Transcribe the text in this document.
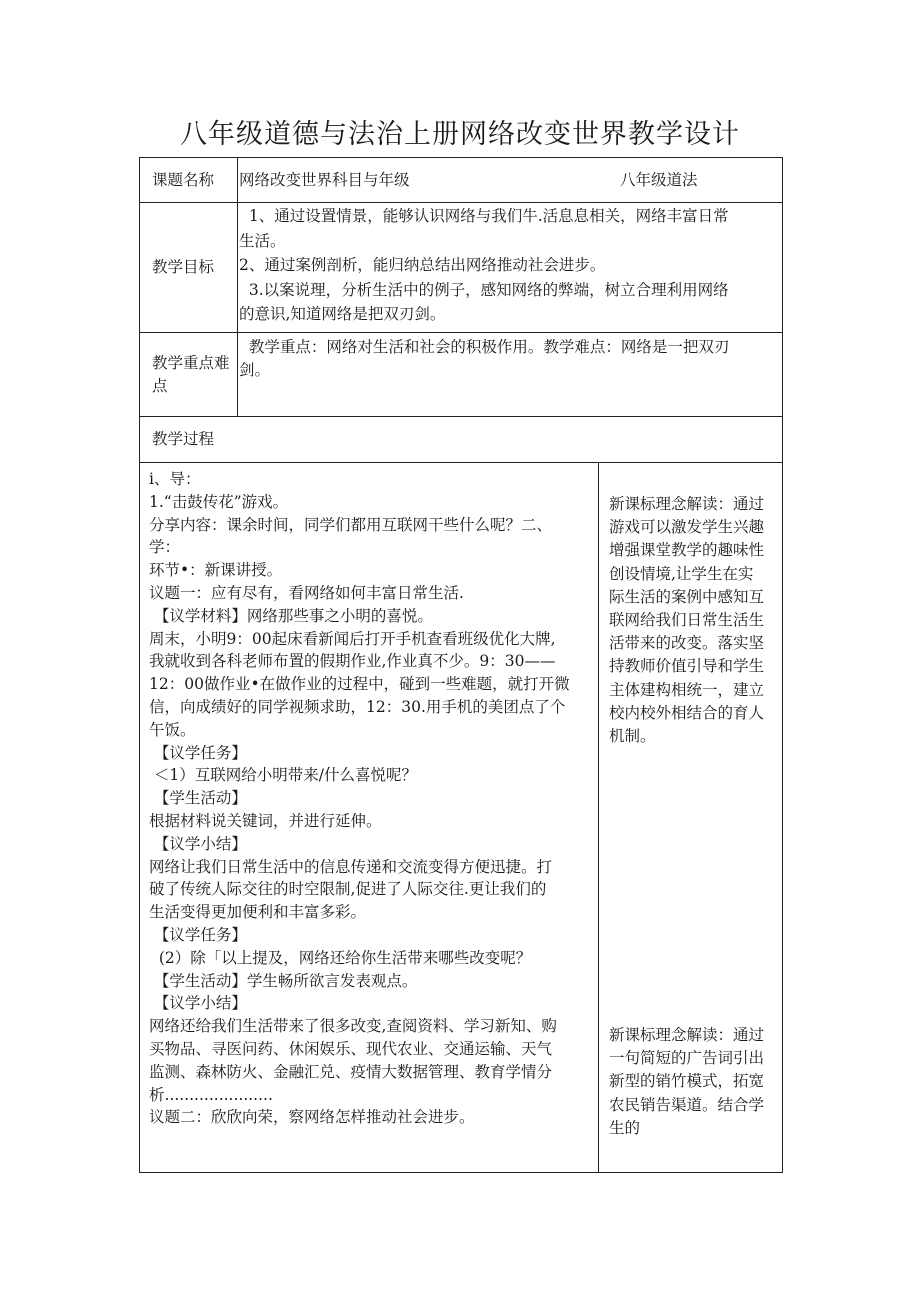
八年级道德与法治上册网络改变世界教学设计
课题名称 网络改变世界科目与年级	八年级道法
教学目标
1、通过设置情景，能够认识网络与我们牛.活息息相关，网络丰富日常
生活。
2、通过案例剖析，能归纳总结出网络推动社会进步。
3.以案说理，分析生活中的例子，感知网络的弊端，树立合理利用网络
的意识,知道网络是把双刃剑。
教学重点难
点
教学重点：网络对生活和社会的积极作用。教学难点：网络是一把双刃
剑。
教学过程
i、导：
1.“击鼓传花”游戏。
分享内容：课余时间，同学们都用互联网干些什么呢？二、
学：
环节•：新课讲授。
议题一：应有尽有，看网络如何丰富日常生活.
【议学材料】网络那些事之小明的喜悦。
周末，小明9：00起床看新闻后打开手机查看班级优化大牌,
我就收到各科老师布置的假期作业,作业真不少。9：30——
12：00做作业•在做作业的过程中，碰到一些难题，就打开微
信，向成绩好的同学视频求助，12：30.用手机的美团点了个
午饭。
【议学任务】
＜1）互联网给小明带来/什么喜悦呢？
【学生活动】
根据材料说关键词，并进行延伸。
【议学小结】
网络让我们日常生活中的信息传递和交流变得方便迅捷。打
破了传统人际交往的时空限制,促进了人际交往.更让我们的
生活变得更加便利和丰富多彩。
【议学任务】
(2）除「以上提及，网络还给你生活带来哪些改变呢？
【学生活动】学生畅所欲言发表观点。
【议学小结】
网络还给我们生活带来了很多改变,查阅资料、学习新知、购
买物品、寻医问药、休闲娱乐、现代农业、交通运输、天气
监测、森林防火、金融汇兑、疫情大数据管理、教育学情分
析......................
议题二：欣欣向荣，察网络怎样推动社会进步。
新课标理念解读：通过
游戏可以激发学生兴趣
增强课堂教学的趣味性
创设情境,让学生在实
际生活的案例中感知互
联网给我们日常生活生
活带来的改变。落实坚
持教师价值引导和学生
主体建构相统一，建立
校内校外相结合的育人
机制。
新课标理念解读：通过
一句简短的广告词引出
新型的销竹模式，拓宽
农民销告渠道。结合学
生的
